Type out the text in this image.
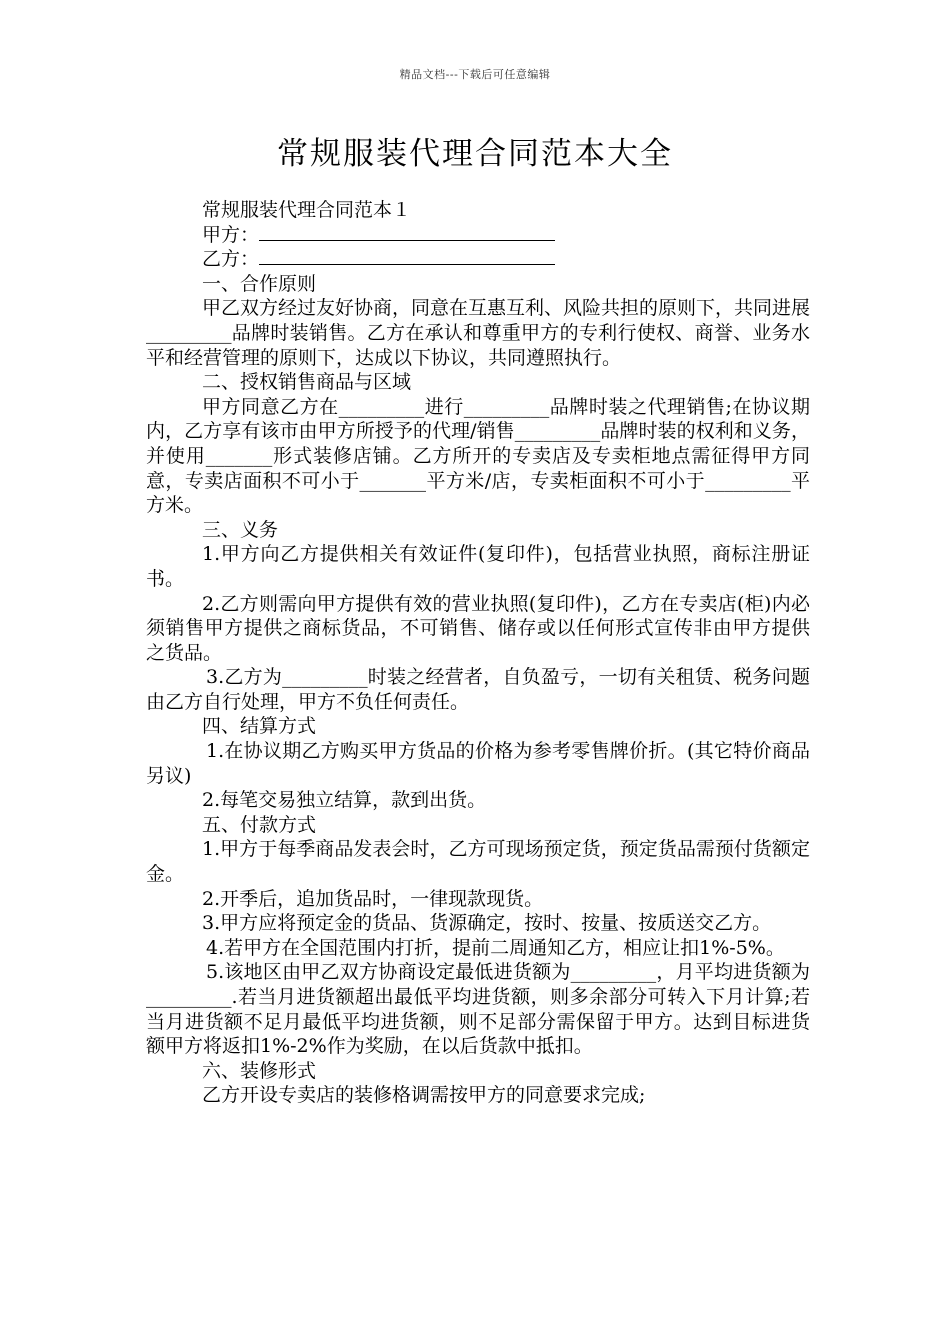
精品文档---下载后可任意编辑
常规服装代理合同范本大全

常规服装代理合同范本１

甲方：

乙方：

一、合作原则

甲乙双方经过友好协商，同意在互惠互利、风险共担的原则下，共同进展_________品牌时装销售。乙方在承认和尊重甲方的专利行使权、商誉、业务水平和经营管理的原则下，达成以下协议，共同遵照执行。

二、授权销售商品与区域

甲方同意乙方在_________进行_________品牌时装之代理销售;在协议期内，乙方享有该市由甲方所授予的代理/销售_________品牌时装的权利和义务，并使用_______形式装修店铺。乙方所开的专卖店及专卖柜地点需征得甲方同意，专卖店面积不可小于_______平方米/店，专卖柜面积不可小于_________平方米。

三、义务

1.甲方向乙方提供相关有效证件(复印件)，包括营业执照，商标注册证书。

2.乙方则需向甲方提供有效的营业执照(复印件)，乙方在专卖店(柜)内必须销售甲方提供之商标货品，不可销售、储存或以任何形式宣传非由甲方提供之货品。

3.乙方为_________时装之经营者，自负盈亏，一切有关租赁、税务问题由乙方自行处理，甲方不负任何责任。

四、结算方式

1.在协议期乙方购买甲方货品的价格为参考零售牌价折。(其它特价商品另议)

2.每笔交易独立结算，款到出货。

五、付款方式

1.甲方于每季商品发表会时，乙方可现场预定货，预定货品需预付货额定金。

2.开季后，追加货品时，一律现款现货。

3.甲方应将预定金的货品、货源确定，按时、按量、按质送交乙方。

4.若甲方在全国范围内打折，提前二周通知乙方，相应让扣1%-5%。

5.该地区由甲乙双方协商设定最低进货额为_________，月平均进货额为_________.若当月进货额超出最低平均进货额，则多余部分可转入下月计算;若当月进货额不足月最低平均进货额，则不足部分需保留于甲方。达到目标进货额甲方将返扣1%-2%作为奖励，在以后货款中抵扣。

六、装修形式

乙方开设专卖店的装修格调需按甲方的同意要求完成;
